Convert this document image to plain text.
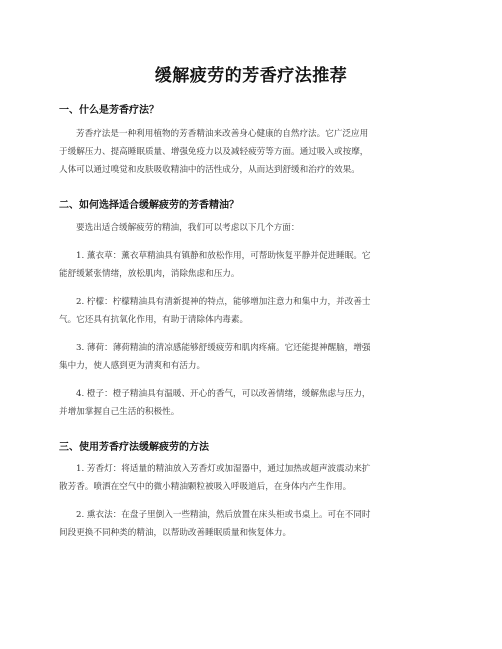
缓解疲劳的芳香疗法推荐
一、什么是芳香疗法？
芳香疗法是一种利用植物的芳香精油来改善身心健康的自然疗法。它广泛应用
于缓解压力、提高睡眠质量、增强免疫力以及减轻疲劳等方面。通过吸入或按摩，
人体可以通过嗅觉和皮肤吸收精油中的活性成分，从而达到舒缓和治疗的效果。
二、如何选择适合缓解疲劳的芳香精油？
要选出适合缓解疲劳的精油，我们可以考虑以下几个方面：
1. 薰衣草：薰衣草精油具有镇静和放松作用，可帮助恢复平静并促进睡眠。它
能舒缓紧张情绪，放松肌肉，消除焦虑和压力。
2. 柠檬：柠檬精油具有清新提神的特点，能够增加注意力和集中力，并改善士
气。它还具有抗氧化作用，有助于清除体内毒素。
3. 薄荷：薄荷精油的清凉感能够舒缓疲劳和肌肉疼痛。它还能提神醒脑，增强
集中力，使人感到更为清爽和有活力。
4. 橙子：橙子精油具有温暖、开心的香气，可以改善情绪，缓解焦虑与压力，
并增加掌握自己生活的积极性。
三、使用芳香疗法缓解疲劳的方法
1. 芳香灯：将适量的精油放入芳香灯或加湿器中，通过加热或超声波震动来扩
散芳香。喷洒在空气中的微小精油颗粒被吸入呼吸道后，在身体内产生作用。
2. 熏衣法：在盘子里倒入一些精油，然后放置在床头柜或书桌上。可在不同时
间段更换不同种类的精油，以帮助改善睡眠质量和恢复体力。
